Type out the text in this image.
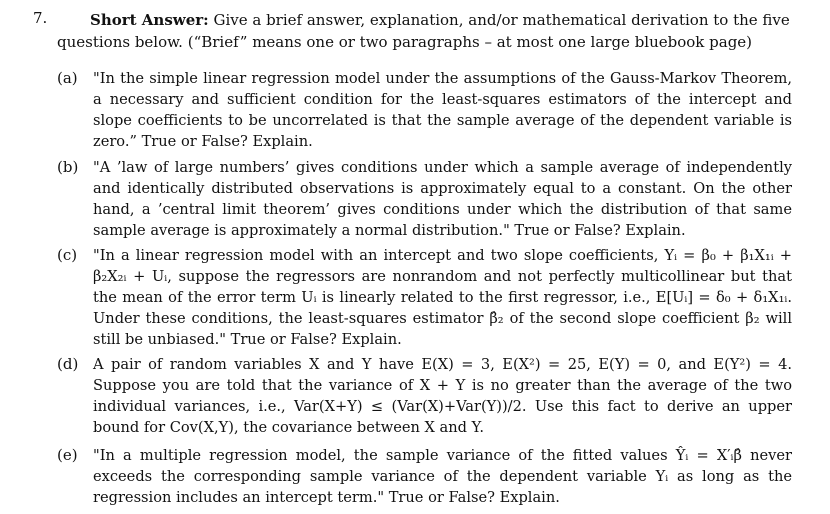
7.	Short Answer: Give a brief answer, explanation, and/or mathematical derivation to the five questions below. (“Brief” means one or two paragraphs – at most one large bluebook page)
(a) "In the simple linear regression model under the assumptions of the Gauss-Markov Theorem, a necessary and sufficient condition for the least-squares estimators of the intercept and slope coefficients to be uncorrelated is that the sample average of the dependent variable is zero.” True or False? Explain.
(b) "A ’law of large numbers’ gives conditions under which a sample average of independently and identically distributed observations is approximately equal to a constant. On the other hand, a ’central limit theorem’ gives conditions under which the distribution of that same sample average is approximately a normal distribution." True or False? Explain.
(c) "In a linear regression model with an intercept and two slope coefficients, Yᵢ = β₀ + β₁X₁ᵢ + β₂X₂ᵢ + Uᵢ, suppose the regressors are nonrandom and not perfectly multicollinear but that the mean of the error term Uᵢ is linearly related to the first regressor, i.e., E[Uᵢ] = δ₀ + δ₁X₁ᵢ. Under these conditions, the least-squares estimator β̂₂ of the second slope coefficient β₂ will still be unbiased." True or False? Explain.
(d) A pair of random variables X and Y have E(X) = 3, E(X²) = 25, E(Y) = 0, and E(Y²) = 4. Suppose you are told that the variance of X + Y is no greater than the average of the two individual variances, i.e., Var(X+Y) ≤ (Var(X)+Var(Y))/2. Use this fact to derive an upper bound for Cov(X,Y), the covariance between X and Y.
(e) "In a multiple regression model, the sample variance of the fitted values Ŷᵢ = X′ᵢβ̂ never exceeds the corresponding sample variance of the dependent variable Yᵢ as long as the regression includes an intercept term." True or False? Explain.
